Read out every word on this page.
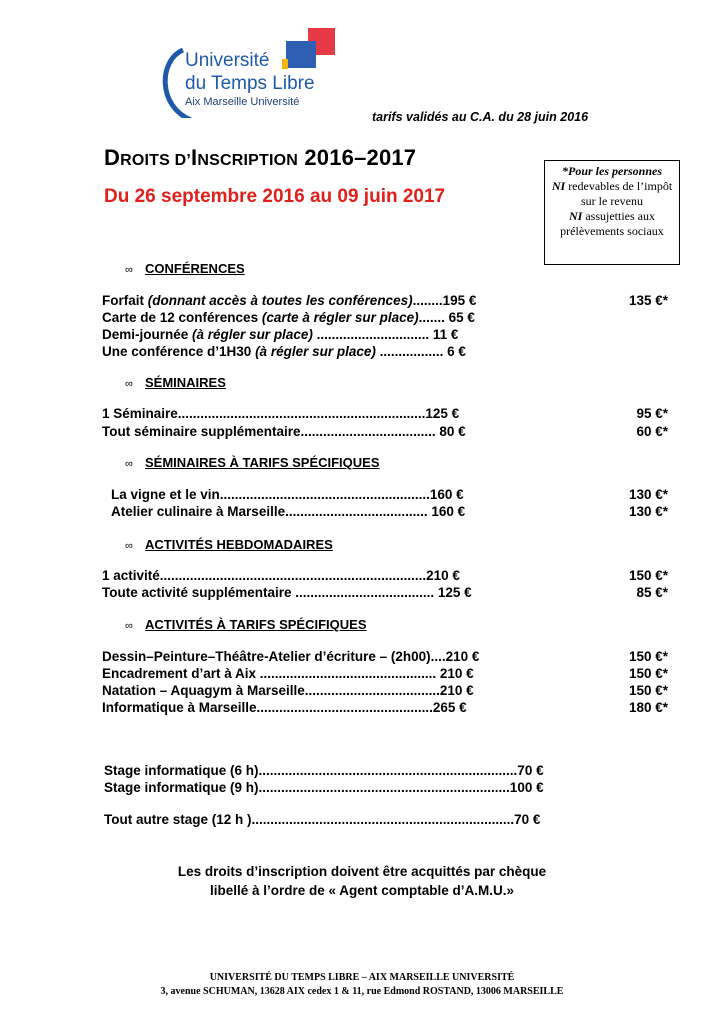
Université
du Temps Libre
Aix Marseille Université
tarifs validés au C.A. du 28 juin 2016
DROITS D’INSCRIPTION 2016–2017
Du 26 septembre 2016 au 09 juin 2017
*Pour les personnes
NI redevables de l’impôt sur le revenu
NI assujetties aux prélèvements sociaux
∞ CONFÉRENCES
Forfait (donnant accès à toutes les conférences)........195 €	135 €*
Carte de 12 conférences (carte à régler sur place)....... 65 €
Demi-journée (à régler sur place) .............................. 11 €
Une conférence d’1H30 (à régler sur place) ................. 6 €
∞ SÉMINAIRES
1 Séminaire..................................................................125 €	95 €*
Tout séminaire supplémentaire.................................... 80 €	60 €*
∞ SÉMINAIRES À TARIFS SPÉCIFIQUES
La vigne et le vin........................................................160 €	130 €*
Atelier culinaire à Marseille...................................... 160 €	130 €*
∞ ACTIVITÉS HEBDOMADAIRES
1 activité.......................................................................210 €	150 €*
Toute activité supplémentaire ..................................... 125 €	85 €*
∞ ACTIVITÉS À TARIFS SPÉCIFIQUES
Dessin–Peinture–Théâtre-Atelier d’écriture – (2h00)....210 €	150 €*
Encadrement d’art à Aix ............................................... 210 €	150 €*
Natation – Aquagym à Marseille....................................210 €	150 €*
Informatique à Marseille...............................................265 €	180 €*
Stage informatique (6 h).....................................................................70 €
Stage informatique (9 h)...................................................................100 €
Tout autre stage (12 h )......................................................................70 €
Les droits d’inscription doivent être acquittés par chèque
libellé à l’ordre de « Agent comptable d’A.M.U.»
UNIVERSITÉ DU TEMPS LIBRE – AIX MARSEILLE UNIVERSITÉ
3, avenue SCHUMAN, 13628 AIX cedex 1 & 11, rue Edmond ROSTAND, 13006 MARSEILLE
